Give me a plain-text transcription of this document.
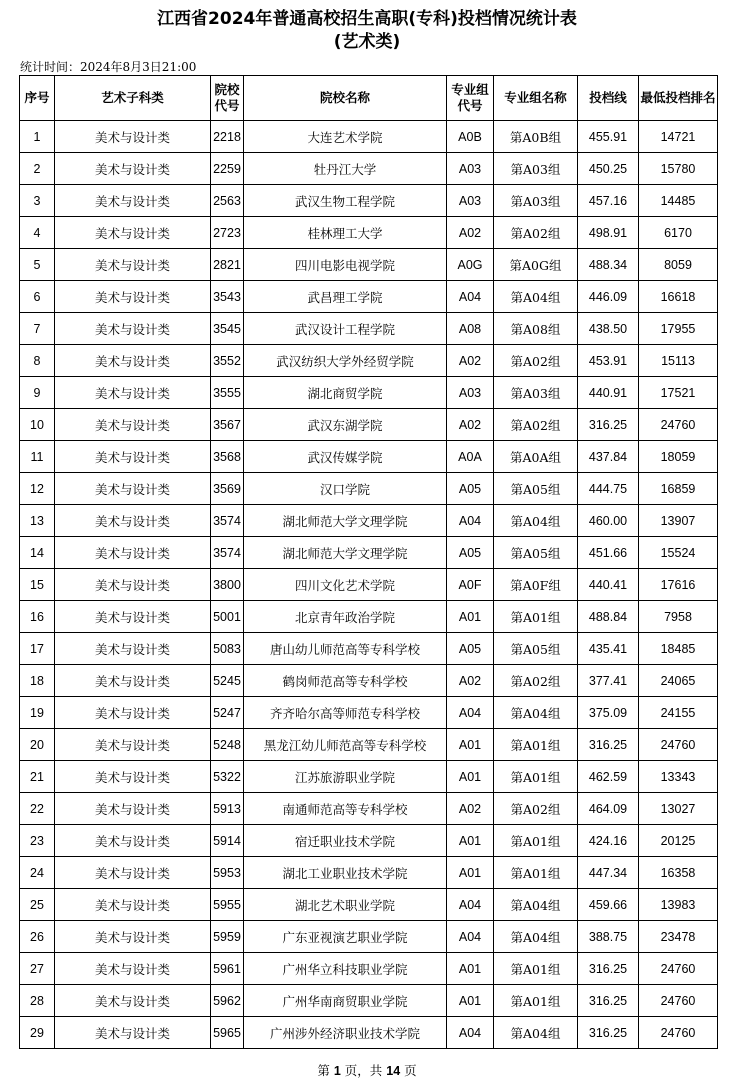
江西省2024年普通高校招生高职(专科)投档情况统计表
(艺术类)
统计时间：2024年8月3日21:00
序号	艺术子科类	院校代号	院校名称	专业组代号	专业组名称	投档线	最低投档排名
1	美术与设计类	2218	大连艺术学院	A0B	第A0B组	455.91	14721
2	美术与设计类	2259	牡丹江大学	A03	第A03组	450.25	15780
3	美术与设计类	2563	武汉生物工程学院	A03	第A03组	457.16	14485
4	美术与设计类	2723	桂林理工大学	A02	第A02组	498.91	6170
5	美术与设计类	2821	四川电影电视学院	A0G	第A0G组	488.34	8059
6	美术与设计类	3543	武昌理工学院	A04	第A04组	446.09	16618
7	美术与设计类	3545	武汉设计工程学院	A08	第A08组	438.50	17955
8	美术与设计类	3552	武汉纺织大学外经贸学院	A02	第A02组	453.91	15113
9	美术与设计类	3555	湖北商贸学院	A03	第A03组	440.91	17521
10	美术与设计类	3567	武汉东湖学院	A02	第A02组	316.25	24760
11	美术与设计类	3568	武汉传媒学院	A0A	第A0A组	437.84	18059
12	美术与设计类	3569	汉口学院	A05	第A05组	444.75	16859
13	美术与设计类	3574	湖北师范大学文理学院	A04	第A04组	460.00	13907
14	美术与设计类	3574	湖北师范大学文理学院	A05	第A05组	451.66	15524
15	美术与设计类	3800	四川文化艺术学院	A0F	第A0F组	440.41	17616
16	美术与设计类	5001	北京青年政治学院	A01	第A01组	488.84	7958
17	美术与设计类	5083	唐山幼儿师范高等专科学校	A05	第A05组	435.41	18485
18	美术与设计类	5245	鹤岗师范高等专科学校	A02	第A02组	377.41	24065
19	美术与设计类	5247	齐齐哈尔高等师范专科学校	A04	第A04组	375.09	24155
20	美术与设计类	5248	黑龙江幼儿师范高等专科学校	A01	第A01组	316.25	24760
21	美术与设计类	5322	江苏旅游职业学院	A01	第A01组	462.59	13343
22	美术与设计类	5913	南通师范高等专科学校	A02	第A02组	464.09	13027
23	美术与设计类	5914	宿迁职业技术学院	A01	第A01组	424.16	20125
24	美术与设计类	5953	湖北工业职业技术学院	A01	第A01组	447.34	16358
25	美术与设计类	5955	湖北艺术职业学院	A04	第A04组	459.66	13983
26	美术与设计类	5959	广东亚视演艺职业学院	A04	第A04组	388.75	23478
27	美术与设计类	5961	广州华立科技职业学院	A01	第A01组	316.25	24760
28	美术与设计类	5962	广州华南商贸职业学院	A01	第A01组	316.25	24760
29	美术与设计类	5965	广州涉外经济职业技术学院	A04	第A04组	316.25	24760
第 1 页，共 14 页
